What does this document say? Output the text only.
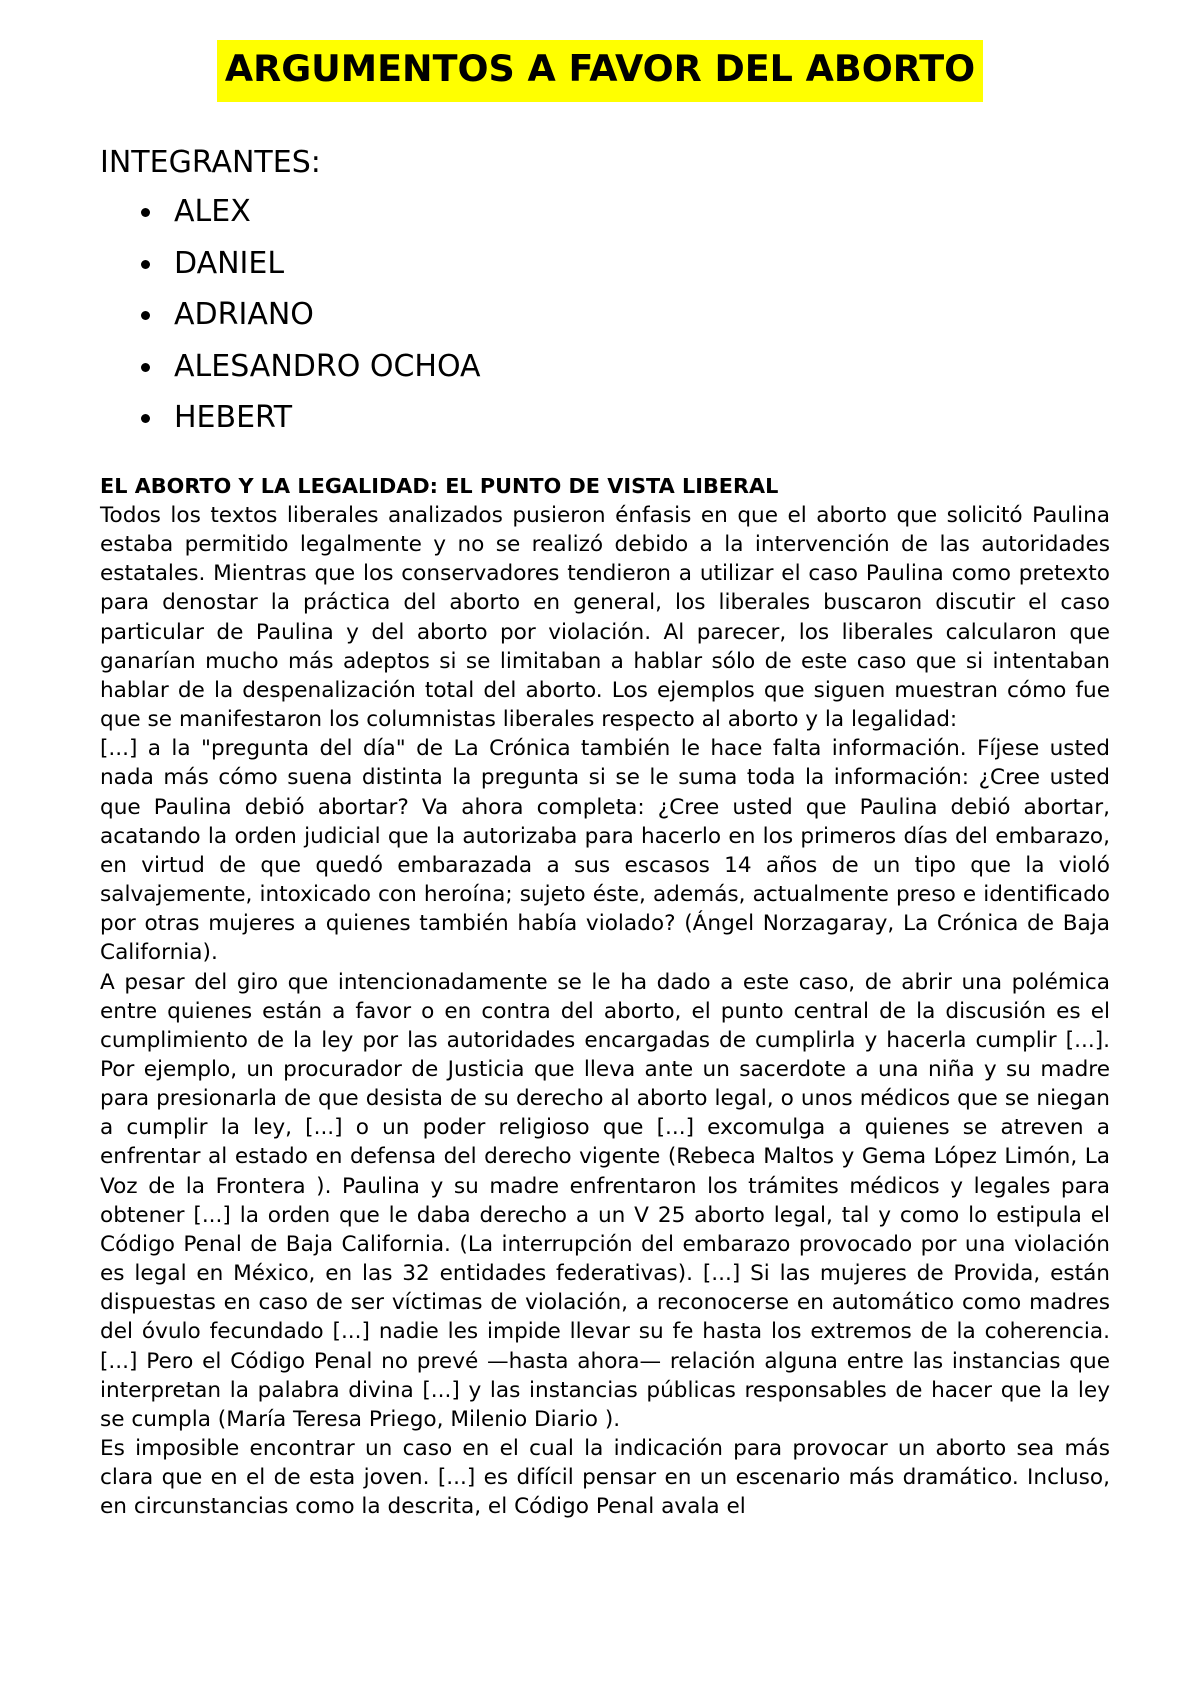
ARGUMENTOS A FAVOR DEL ABORTO

INTEGRANTES:

ALEX
DANIEL
ADRIANO
ALESANDRO OCHOA
HEBERT

EL ABORTO Y LA LEGALIDAD: EL PUNTO DE VISTA LIBERAL

Todos los textos liberales analizados pusieron énfasis en que el aborto que solicitó Paulina estaba permitido legalmente y no se realizó debido a la intervención de las autoridades estatales. Mientras que los conservadores tendieron a utilizar el caso Paulina como pretexto para denostar la práctica del aborto en general, los liberales buscaron discutir el caso particular de Paulina y del aborto por violación. Al parecer, los liberales calcularon que ganarían mucho más adeptos si se limitaban a hablar sólo de este caso que si intentaban hablar de la despenalización total del aborto. Los ejemplos que siguen muestran cómo fue que se manifestaron los columnistas liberales respecto al aborto y la legalidad:

[...] a la "pregunta del día" de La Crónica también le hace falta información. Fíjese usted nada más cómo suena distinta la pregunta si se le suma toda la información: ¿Cree usted que Paulina debió abortar? Va ahora completa: ¿Cree usted que Paulina debió abortar, acatando la orden judicial que la autorizaba para hacerlo en los primeros días del embarazo, en virtud de que quedó embarazada a sus escasos 14 años de un tipo que la violó salvajemente, intoxicado con heroína; sujeto éste, además, actualmente preso e identificado por otras mujeres a quienes también había violado? (Ángel Norzagaray, La Crónica de Baja California).

A pesar del giro que intencionadamente se le ha dado a este caso, de abrir una polémica entre quienes están a favor o en contra del aborto, el punto central de la discusión es el cumplimiento de la ley por las autoridades encargadas de cumplirla y hacerla cumplir [...]. Por ejemplo, un procurador de Justicia que lleva ante un sacerdote a una niña y su madre para presionarla de que desista de su derecho al aborto legal, o unos médicos que se niegan a cumplir la ley, [...] o un poder religioso que [...] excomulga a quienes se atreven a enfrentar al estado en defensa del derecho vigente (Rebeca Maltos y Gema López Limón, La Voz de la Frontera ). Paulina y su madre enfrentaron los trámites médicos y legales para obtener [...] la orden que le daba derecho a un V 25 aborto legal, tal y como lo estipula el Código Penal de Baja California. (La interrupción del embarazo provocado por una violación es legal en México, en las 32 entidades federativas). [...] Si las mujeres de Provida, están dispuestas en caso de ser víctimas de violación, a reconocerse en automático como madres del óvulo fecundado [...] nadie les impide llevar su fe hasta los extremos de la coherencia. [...] Pero el Código Penal no prevé —hasta ahora— relación alguna entre las instancias que interpretan la palabra divina [...] y las instancias públicas responsables de hacer que la ley se cumpla (María Teresa Priego, Milenio Diario ).

Es imposible encontrar un caso en el cual la indicación para provocar un aborto sea más clara que en el de esta joven. [...] es difícil pensar en un escenario más dramático. Incluso, en circunstancias como la descrita, el Código Penal avala el
